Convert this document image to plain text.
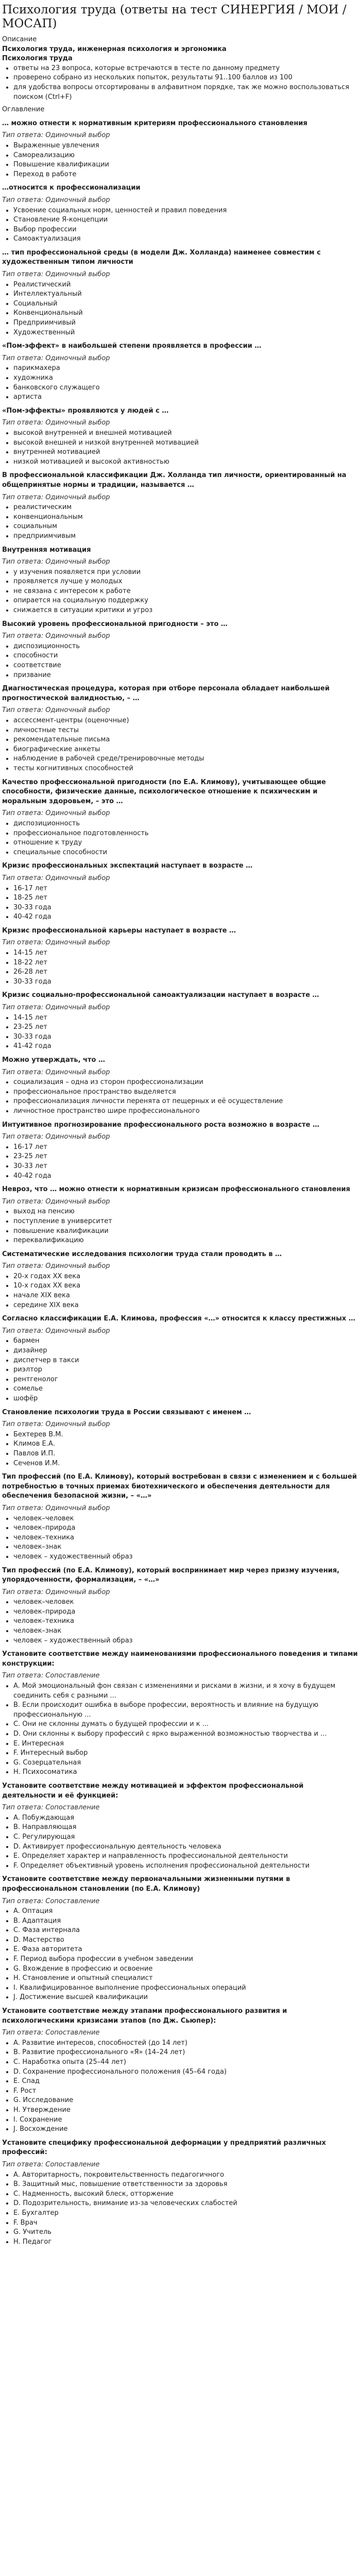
Психология труда (ответы на тест СИНЕРГИЯ / МОИ / МОСАП)

Описание

Психология труда, инженерная психология и эргономика

Психология труда

• ответы на 23 вопроса, которые встречаются в тесте по данному предмету
• проверено собрано из нескольких попыток, результаты 91..100 баллов из 100
• для удобства вопросы отсортированы в алфавитном порядке, так же можно воспользоваться поиском (Ctrl+F)

Оглавление

… можно отнести к нормативным критериям профессионального становления

Тип ответа: Одиночный выбор

• Выраженные увлечения
• Самореализацию
• Повышение квалификации
• Переход в работе

…относится к профессионализации

Тип ответа: Одиночный выбор

• Усвоение социальных норм, ценностей и правил поведения
• Становление Я-концепции
• Выбор профессии
• Самоактуализация

… тип профессиональной среды (в модели Дж. Холланда) наименее совместим с художественным типом личности

Тип ответа: Одиночный выбор

• Реалистический
• Интеллектуальный
• Социальный
• Конвенциональный
• Предприимчивый
• Художественный

«Пом-эффект» в наибольшей степени проявляется в профессии …

Тип ответа: Одиночный выбор

• парикмахера
• художника
• банковского служащего
• артиста

«Пом-эффекты» проявляются у людей с …

Тип ответа: Одиночный выбор

• высокой внутренней и внешней мотивацией
• высокой внешней и низкой внутренней мотивацией
• внутренней мотивацией
• низкой мотивацией и высокой активностью

В профессиональной классификации Дж. Холланда тип личности, ориентированный на общепринятые нормы и традиции, называется …

Тип ответа: Одиночный выбор

• реалистическим
• конвенциональным
• социальным
• предприимчивым

Внутренняя мотивация

Тип ответа: Одиночный выбор

• у изучения появляется при условии
• проявляется лучше у молодых
• не связана с интересом к работе
• опирается на социальную поддержку
• снижается в ситуации критики и угроз

Высокий уровень профессиональной пригодности – это …

Тип ответа: Одиночный выбор

• диспозиционность
• способности
• соответствие
• призвание

Диагностическая процедура, которая при отборе персонала обладает наибольшей прогностической валидностью, – …

Тип ответа: Одиночный выбор

• ассессмент-центры (оценочные)
• личностные тесты
• рекомендательные письма
• биографические анкеты
• наблюдение в рабочей среде/тренировочные методы
• тесты когнитивных способностей

Качество профессиональной пригодности (по Е.А. Климову), учитывающее общие способности, физические данные, психологическое отношение к психическим и моральным здоровьем, – это …

Тип ответа: Одиночный выбор

• диспозиционность
• профессиональное подготовленность
• отношение к труду
• специальные способности

Кризис профессиональных экспектаций наступает в возрасте …

Тип ответа: Одиночный выбор

• 16-17 лет
• 18-25 лет
• 30-33 года
• 40-42 года

Кризис профессиональной карьеры наступает в возрасте …

Тип ответа: Одиночный выбор

• 14-15 лет
• 18-22 лет
• 26-28 лет
• 30-33 года

Кризис социально-профессиональной самоактуализации наступает в возрасте …

Тип ответа: Одиночный выбор

• 14-15 лет
• 23-25 лет
• 30-33 года
• 41-42 года

Можно утверждать, что …

Тип ответа: Одиночный выбор

• социализация – одна из сторон профессионализации
• профессиональное пространство выделяется
• профессионализация личности перенята от пещерных и её осуществление
• личностное пространство шире профессионального

Интуитивное прогнозирование профессионального роста возможно в возрасте …

Тип ответа: Одиночный выбор

• 16-17 лет
• 23-25 лет
• 30-33 лет
• 40-42 года

Невроз, что … можно отнести к нормативным кризисам профессионального становления

Тип ответа: Одиночный выбор

• выход на пенсию
• поступление в университет
• повышение квалификации
• переквалификацию

Систематические исследования психологии труда стали проводить в …

Тип ответа: Одиночный выбор

• 20-х годах XX века
• 10-х годах XX века
• начале XIX века
• середине XIX века

Согласно классификации Е.А. Климова, профессия «…» относится к классу престижных …

Тип ответа: Одиночный выбор

• бармен
• дизайнер
• диспетчер в такси
• риэлтор
• рентгенолог
• сомелье
• шофёр

Становление психологии труда в России связывают с именем …

Тип ответа: Одиночный выбор

• Бехтерев В.М.
• Климов Е.А.
• Павлов И.П.
• Сеченов И.М.

Тип профессий (по Е.А. Климову), который востребован в связи с изменением и с большей потребностью в точных приемах биотехнического и обеспечения деятельности для обеспечения безопасной жизни, – «…»

Тип ответа: Одиночный выбор

• человек–человек
• человек–природа
• человек–техника
• человек–знак
• человек – художественный образ

Тип профессий (по Е.А. Климову), который воспринимает мир через призму изучения, упорядоченности, формализации, – «…»

Тип ответа: Одиночный выбор

• человек–человек
• человек–природа
• человек–техника
• человек–знак
• человек – художественный образ

Установите соответствие между наименованиями профессионального поведения и типами конструкции:

Тип ответа: Сопоставление

• A. Мой эмоциональный фон связан с изменениями и рисками в жизни, и я хочу в будущем соединить себя с разными ...
• B. Если происходит ошибка в выборе профессии, вероятность и влияние на будущую профессиональную ...
• C. Они не склонны думать о будущей профессии и к ...
• D. Они склонны к выбору профессий с ярко выраженной возможностью творчества и ...
• E. Интересная
• F. Интересный выбор
• G. Созерцательная
• H. Психосоматика

Установите соответствие между мотивацией и эффектом профессиональной деятельности и её функцией:

Тип ответа: Сопоставление

• A. Побуждающая
• B. Направляющая
• C. Регулирующая
• D. Активирует профессиональную деятельность человека
• E. Определяет характер и направленность профессиональной деятельности
• F. Определяет объективный уровень исполнения профессиональной деятельности

Установите соответствие между первоначальными жизненными путями в профессиональном становлении (по Е.А. Климову)

Тип ответа: Сопоставление

• A. Оптация
• B. Адаптация
• C. Фаза интернала
• D. Мастерство
• E. Фаза авторитета
• F. Период выбора профессии в учебном заведении
• G. Вхождение в профессию и освоение
• H. Становление и опытный специалист
• I. Квалифицированное выполнение профессиональных операций
• J. Достижение высшей квалификации

Установите соответствие между этапами профессионального развития и психологическими кризисами этапов (по Дж. Сьюпер):

Тип ответа: Сопоставление

• A. Развитие интересов, способностей (до 14 лет)
• B. Развитие профессионального «Я» (14–24 лет)
• C. Наработка опыта (25–44 лет)
• D. Сохранение профессионального положения (45–64 года)
• E. Спад
• F. Рост
• G. Исследование
• H. Утверждение
• I. Сохранение
• J. Восхождение

Установите специфику профессиональной деформации у предприятий различных профессий:

Тип ответа: Сопоставление

• A. Авторитарность, покровительственность педагогичного
• B. Защитный мыс, повышение ответственности за здоровья
• C. Надменность, высокий блеск, отторжение
• D. Подозрительность, внимание из-за человеческих слабостей
• E. Бухгалтер
• F. Врач
• G. Учитель
• H. Педагог
